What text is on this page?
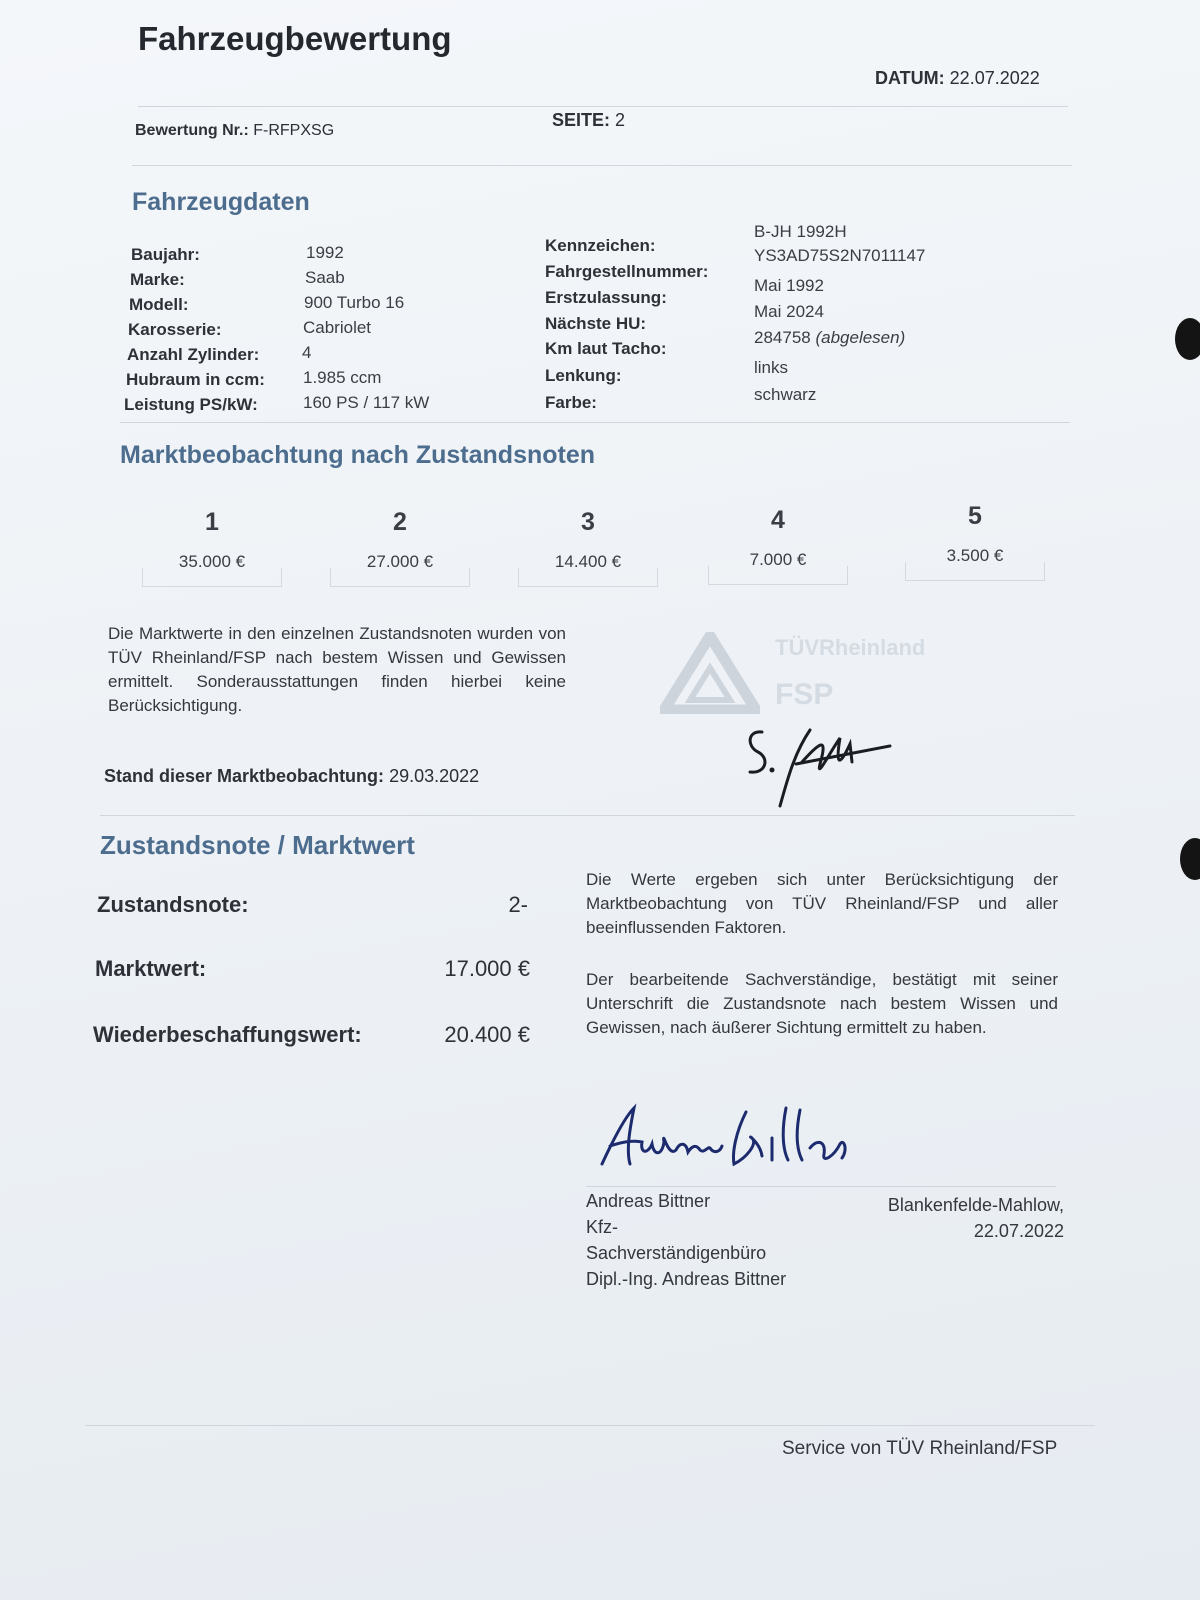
Fahrzeugbewertung
DATUM: 22.07.2022
Bewertung Nr.: F-RFPXSG
SEITE: 2
Fahrzeugdaten
Baujahr:	1992
Marke:	Saab
Modell:	900 Turbo 16
Karosserie:	Cabriolet
Anzahl Zylinder:	4
Hubraum in ccm: 1.985 ccm
Leistung PS/kW:	160 PS / 117 kW
Kennzeichen:
B-JH 1992H
Fahrgestellnummer:
YS3AD75S2N7011147
Erstzulassung:
Mai 1992
Nächste HU:
Mai 2024
Km laut Tacho:
284758 (abgelesen)
Lenkung:	links
Farbe:	schwarz
Marktbeobachtung nach Zustandsnoten
1
35.000 €
2
27.000 €
3
14.400 €
4
7.000 €
5
3.500 €
Die Marktwerte in den einzelnen Zustandsnoten wurden von TÜV Rheinland/FSP nach bestem Wissen und Gewissen ermittelt. Sonderausstattungen finden hierbei keine Berücksichtigung.
TÜVRheinland
FSP
Stand dieser Marktbeobachtung: 29.03.2022
Zustandsnote / Marktwert
Zustandsnote:	2-
Marktwert:	17.000 €
Wiederbeschaffungswert:	20.400 €
Die Werte ergeben sich unter Berücksichtigung der Marktbeobachtung von TÜV Rheinland/FSP und aller beeinflussenden Faktoren.
Der bearbeitende Sachverständige, bestätigt mit seiner Unterschrift die Zustandsnote nach bestem Wissen und Gewissen, nach äußerer Sichtung ermittelt zu haben.
Andreas Bittner
Kfz-
Sachverständigenbüro
Dipl.-Ing. Andreas Bittner
Blankenfelde-Mahlow,
22.07.2022
Service von TÜV Rheinland/FSP
